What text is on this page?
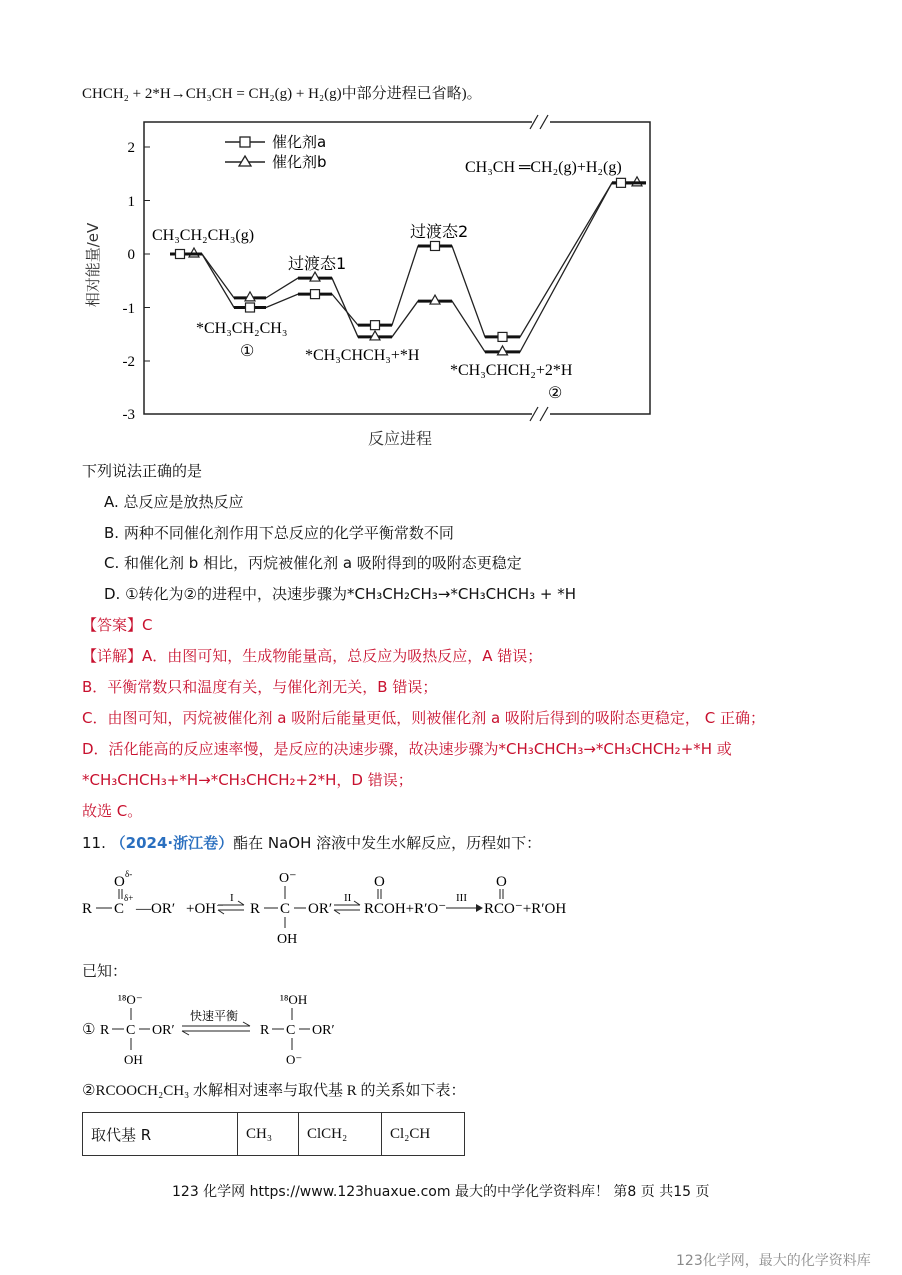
CHCH₂ + 2*H→CH₃CH = CH₂(g) + H₂(g)中部分进程已省略)。
2
1
0
-1
-2
-3
相对能量/eV
反应进程
催化剂a
催化剂b
CH₃CH₂CH₃(g)
过渡态1
过渡态2
*CH₃CH₂CH₃
①	*CH₃CHCH₃+*H
*CH₃CHCH₂+2*H
②
CH₃CH ═CH₂(g)+H₂(g)
下列说法正确的是
A. 总反应是放热反应
B. 两种不同催化剂作用下总反应的化学平衡常数不同
C. 和催化剂 b 相比，丙烷被催化剂 a 吸附得到的吸附态更稳定
D. ①转化为②的进程中，决速步骤为*CH₃CH₂CH₃→*CH₃CHCH₃ + *H
【答案】C
【详解】A．由图可知，生成物能量高，总反应为吸热反应，A 错误；
B．平衡常数只和温度有关，与催化剂无关，B 错误；
C．由图可知，丙烷被催化剂 a 吸附后能量更低，则被催化剂 a 吸附后得到的吸附态更稳定， C 正确；
D．活化能高的反应速率慢，是反应的决速步骤，故决速步骤为*CH₃CHCH₃→*CH₃CHCH₂+*H 或
*CH₃CHCH₃+*H→*CH₃CHCH₂+2*H，D 错误；
故选 C。
11. （2024·浙江卷）酯在 NaOH 溶液中发生水解反应，历程如下：
R C
δ+
O δ-
—OR′ +OH⁻
I
R C
O⁻
OH
OR′
II
O
RCOH+R′O⁻
III
O
RCO⁻+R′OH
已知：
①
¹⁸O⁻
R C OR′
OH
快速平衡
¹⁸OH
R C OR′
O⁻
②RCOOCH₂CH₃ 水解相对速率与取代基 R 的关系如下表：
取代基 R	CH₃	ClCH₂	Cl₂CH
123 化学网 https://www.123huaxue.com 最大的中学化学资料库！ 第8 页 共15 页
123化学网，最大的化学资料库
